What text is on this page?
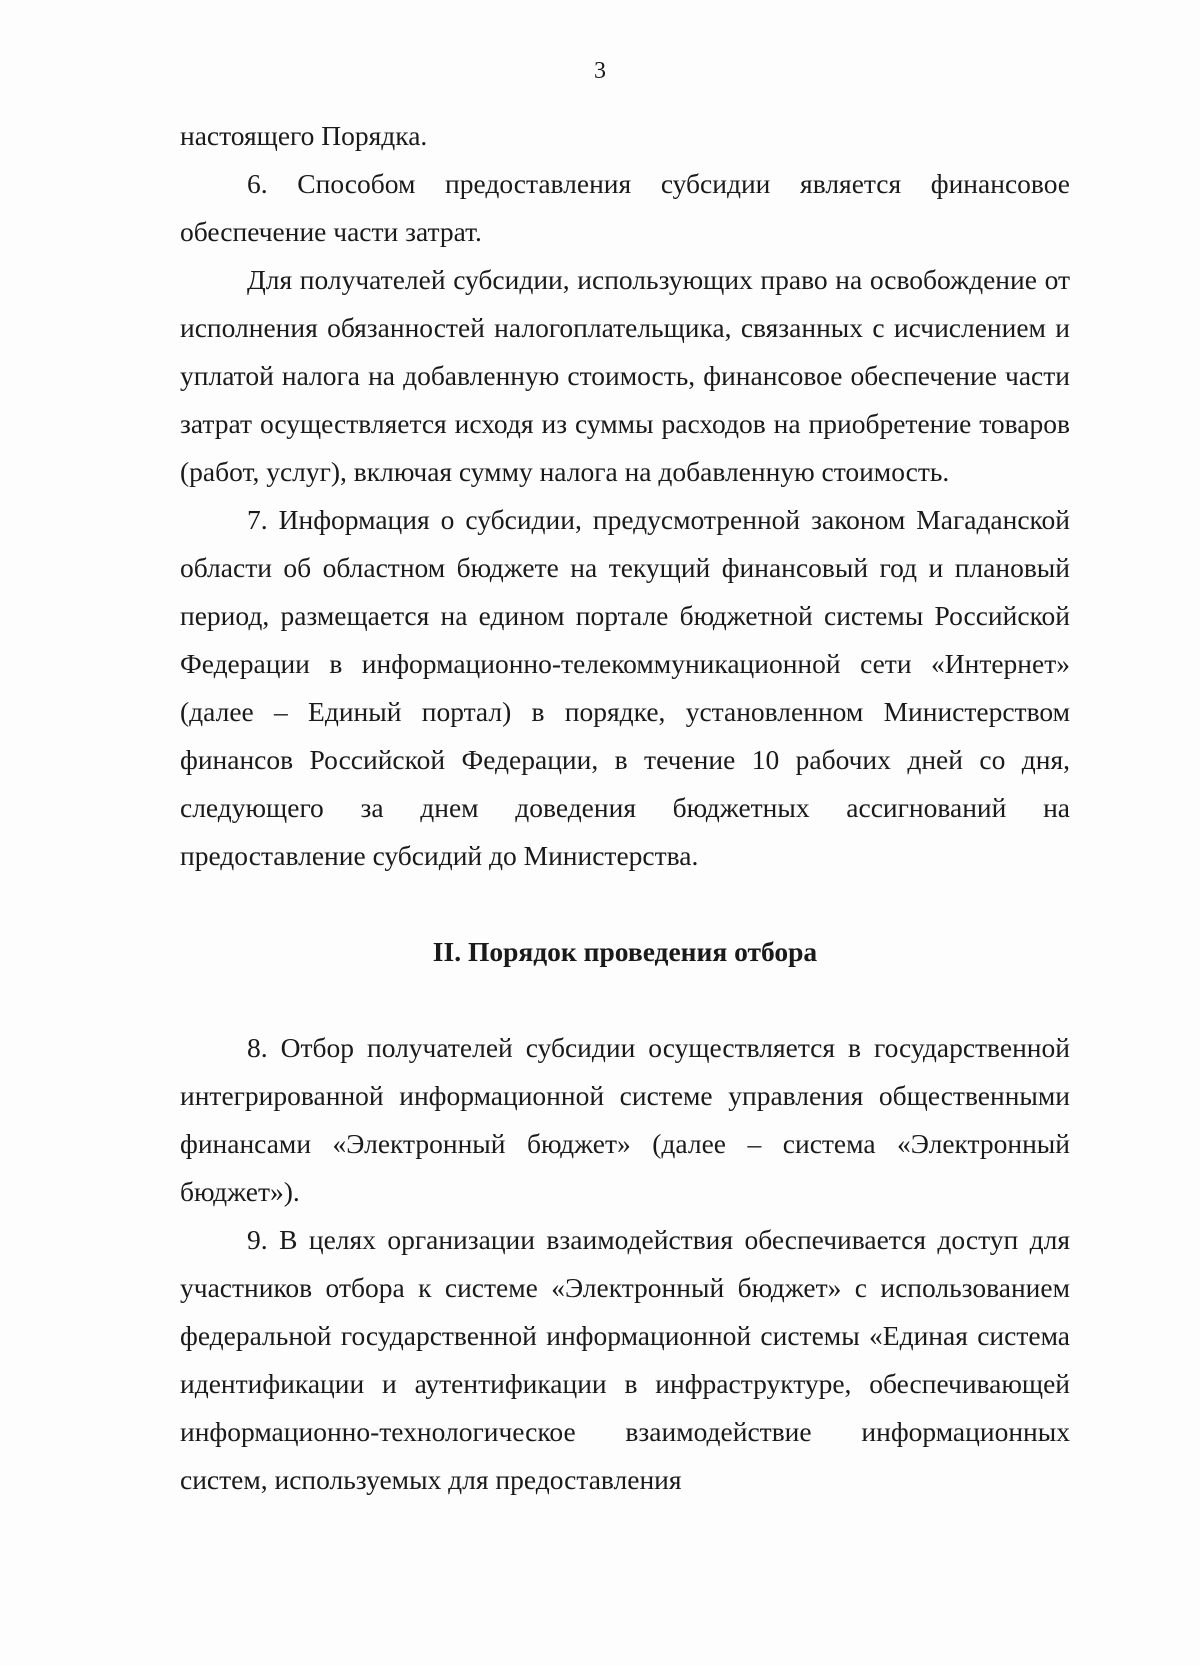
3

настоящего Порядка.

6. Способом предоставления субсидии является финансовое обеспечение части затрат.

Для получателей субсидии, использующих право на освобождение от исполнения обязанностей налогоплательщика, связанных с исчислением и уплатой налога на добавленную стоимость, финансовое обеспечение части затрат осуществляется исходя из суммы расходов на приобретение товаров (работ, услуг), включая сумму налога на добавленную стоимость.

7. Информация о субсидии, предусмотренной законом Магаданской области об областном бюджете на текущий финансовый год и плановый период, размещается на едином портале бюджетной системы Российской Федерации в информационно-телекоммуникационной сети «Интернет» (далее – Единый портал) в порядке, установленном Министерством финансов Российской Федерации, в течение 10 рабочих дней со дня, следующего за днем доведения бюджетных ассигнований на предоставление субсидий до Министерства.

II. Порядок проведения отбора

8. Отбор получателей субсидии осуществляется в государственной интегрированной информационной системе управления общественными финансами «Электронный бюджет» (далее – система «Электронный бюджет»).

9. В целях организации взаимодействия обеспечивается доступ для участников отбора к системе «Электронный бюджет» с использованием федеральной государственной информационной системы «Единая система идентификации и аутентификации в инфраструктуре, обеспечивающей информационно-технологическое взаимодействие информационных систем, используемых для предоставления
